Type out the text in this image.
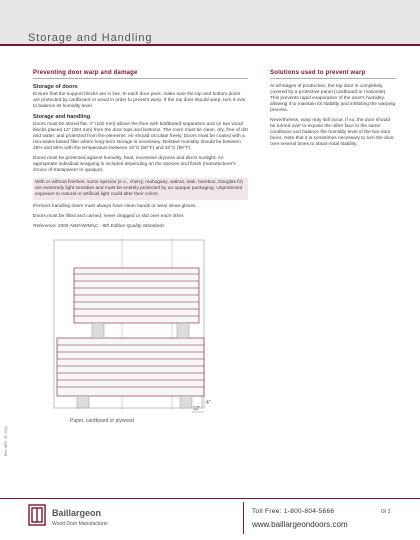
Storage and Handling
Rev. APR. 06, 2011
Preventing door warp and damage
Storage of doors

Ensure that the support blocks are in line. In each door pack, make sure the top and bottom doors are protected by cardboard or wood in order to prevent warp. If the top door should warp, turn it over to balance its humidity level.

Storage and handling

Doors must be stored flat, 4" (102 mm) above the floor with kraftboard separators and on two wood blocks placed 12" (304 mm) from the door tops and bottoms. The room must be clean, dry, free of dirt and water, and protected from the elements. Air should circulate freely. Doors must be coated with a non-water-based filler where long-term storage is necessary. Relative humidity should be between 25% and 55% with the temperature between 10°C (50°F) and 32°C (90°F).

Doors must be protected against humidity, heat, excessive dryness and direct sunlight. An appropriate individual wrapping is included depending on the species and finish (manufacturer's choice of transparent or opaque).

With or without finishes, some species (e.x., cherry, mahogany, walnut, teak, bamboo, Douglas fir) are extremely light sensitive and must be entirely protected by an opaque packaging. Unprotected exposure to natural or artificial light could alter their colors.

Persons handling doors must always have clean hands or wear clean gloves.

Doors must be lifted and carried, never dragged or slid over each other.

Reference: 2005 AWI/AWMAC - 8th Edition Quality Standards

Solutions used to prevent warp

At all stages of production, the top door is completely covered by a protective panel (cardboard or masonite). This prevents rapid evaporation of the door's humidity, allowing it to maintain its stability and inhibiting the warping process.

Nevertheless, warp may still occur. If so, the door should be turned over to expose the other face to the same conditions and balance the humidity level of the two door faces. Note that it is sometimes necessary to turn the door over several times to obtain total stability.

4"
12"
Paper, cardboard or plywood
Baillargeon
Wood Door Manufacturer
Toll Free: 1-800-804-5666
www.baillargeondoors.com
GI 3
